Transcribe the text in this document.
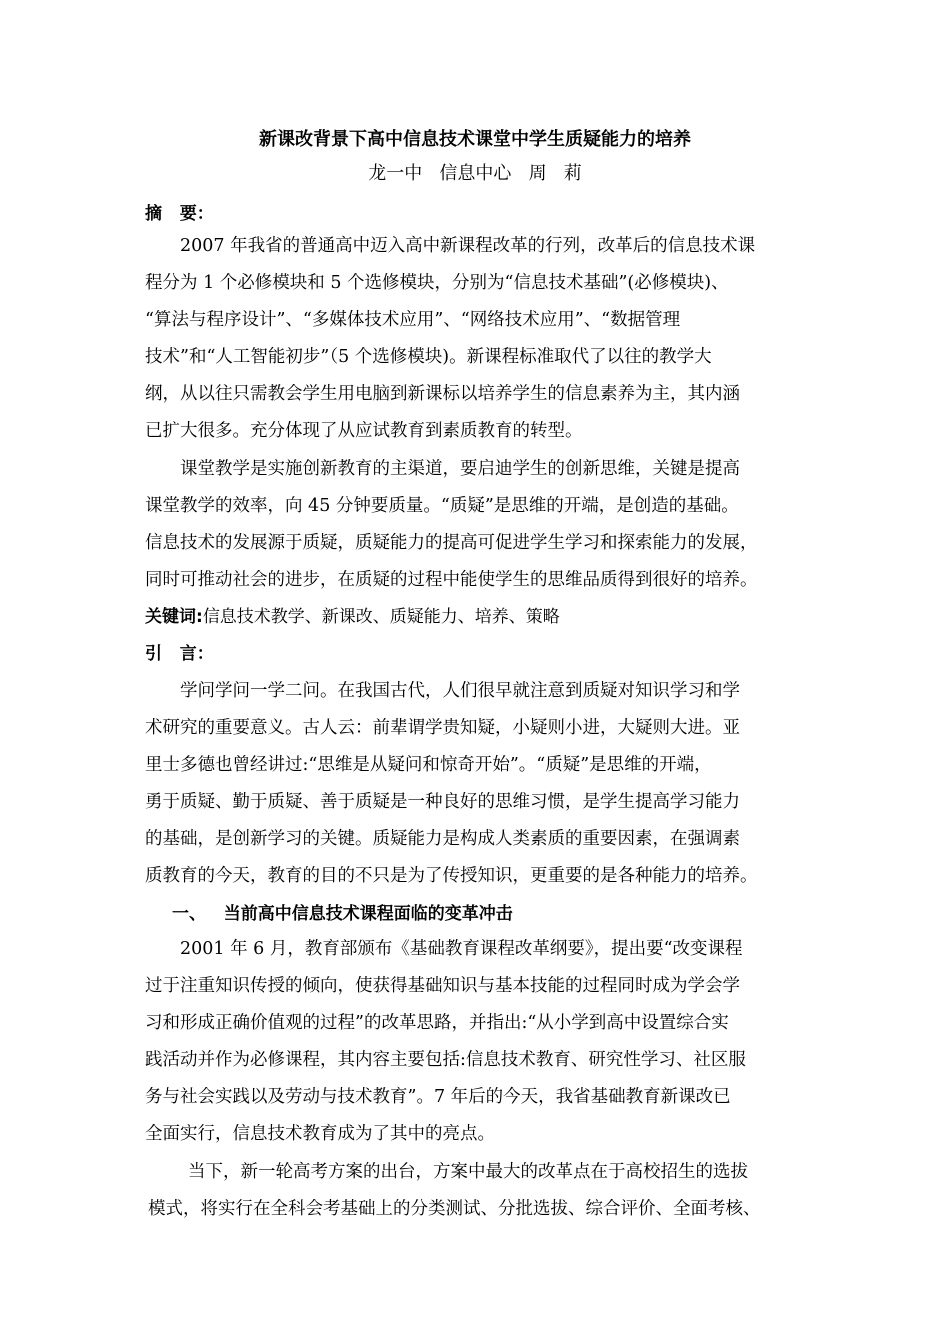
新课改背景下高中信息技术课堂中学生质疑能力的培养
龙一中   信息中心   周   莉
摘   要：
2007 年我省的普通高中迈入高中新课程改革的行列，改革后的信息技术课
程分为 1 个必修模块和 5 个选修模块，分别为“信息技术基础”(必修模块)、
“算法与程序设计”、“多媒体技术应用”、“网络技术应用”、“数据管理
技术”和“人工智能初步”（5 个选修模块)。新课程标准取代了以往的教学大
纲，从以往只需教会学生用电脑到新课标以培养学生的信息素养为主，其内涵
已扩大很多。充分体现了从应试教育到素质教育的转型。
课堂教学是实施创新教育的主渠道，要启迪学生的创新思维，关键是提高
课堂教学的效率，向 45 分钟要质量。“质疑”是思维的开端，是创造的基础。
信息技术的发展源于质疑，质疑能力的提高可促进学生学习和探索能力的发展，
同时可推动社会的进步，在质疑的过程中能使学生的思维品质得到很好的培养。
关键词:信息技术教学、新课改、质疑能力、培养、策略
引   言：
学问学问一学二问。在我国古代，人们很早就注意到质疑对知识学习和学
术研究的重要意义。古人云：前辈谓学贵知疑，小疑则小进，大疑则大进。亚
里士多德也曾经讲过:“思维是从疑问和惊奇开始”。“质疑”是思维的开端，
勇于质疑、勤于质疑、善于质疑是一种良好的思维习惯，是学生提高学习能力
的基础，是创新学习的关键。质疑能力是构成人类素质的重要因素，在强调素
质教育的今天，教育的目的不只是为了传授知识，更重要的是各种能力的培养。
一、   当前高中信息技术课程面临的变革冲击
2001 年 6 月，教育部颁布《基础教育课程改革纲要》，提出要“改变课程
过于注重知识传授的倾向，使获得基础知识与基本技能的过程同时成为学会学
习和形成正确价值观的过程”的改革思路，并指出:“从小学到高中设置综合实
践活动并作为必修课程，其内容主要包括:信息技术教育、研究性学习、社区服
务与社会实践以及劳动与技术教育”。7 年后的今天，我省基础教育新课改已
全面实行，信息技术教育成为了其中的亮点。
当下，新一轮高考方案的出台，方案中最大的改革点在于高校招生的选拔
模式，将实行在全科会考基础上的分类测试、分批选拔、综合评价、全面考核、
